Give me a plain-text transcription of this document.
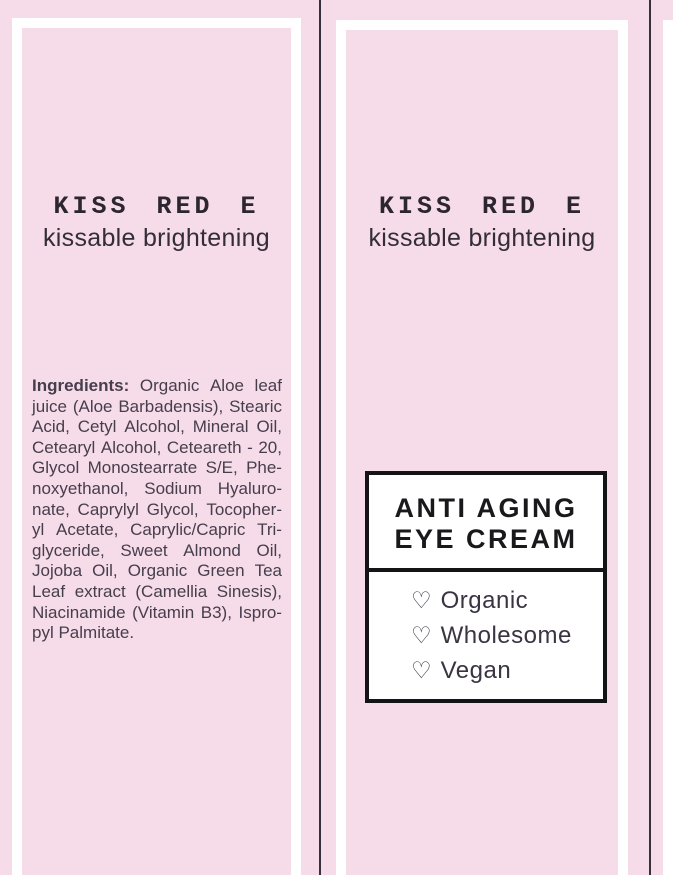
KISS RED E
kissable brightening
Ingredients: Organic Aloe leaf
juice (Aloe Barbadensis), Stearic
Acid, Cetyl Alcohol, Mineral Oil,
Cetearyl Alcohol, Ceteareth - 20,
Glycol Monostearrate S/E, Phe-
noxyethanol, Sodium Hyaluro-
nate, Caprylyl Glycol, Tocopher-
yl Acetate, Caprylic/Capric Tri-
glyceride, Sweet Almond Oil,
Jojoba Oil, Organic Green Tea
Leaf extract (Camellia Sinesis),
Niacinamide (Vitamin B3), Ispro-
pyl Palmitate.
KISS RED E
kissable brightening
ANTI AGING
EYE CREAM
♡ Organic
♡ Wholesome
♡ Vegan
